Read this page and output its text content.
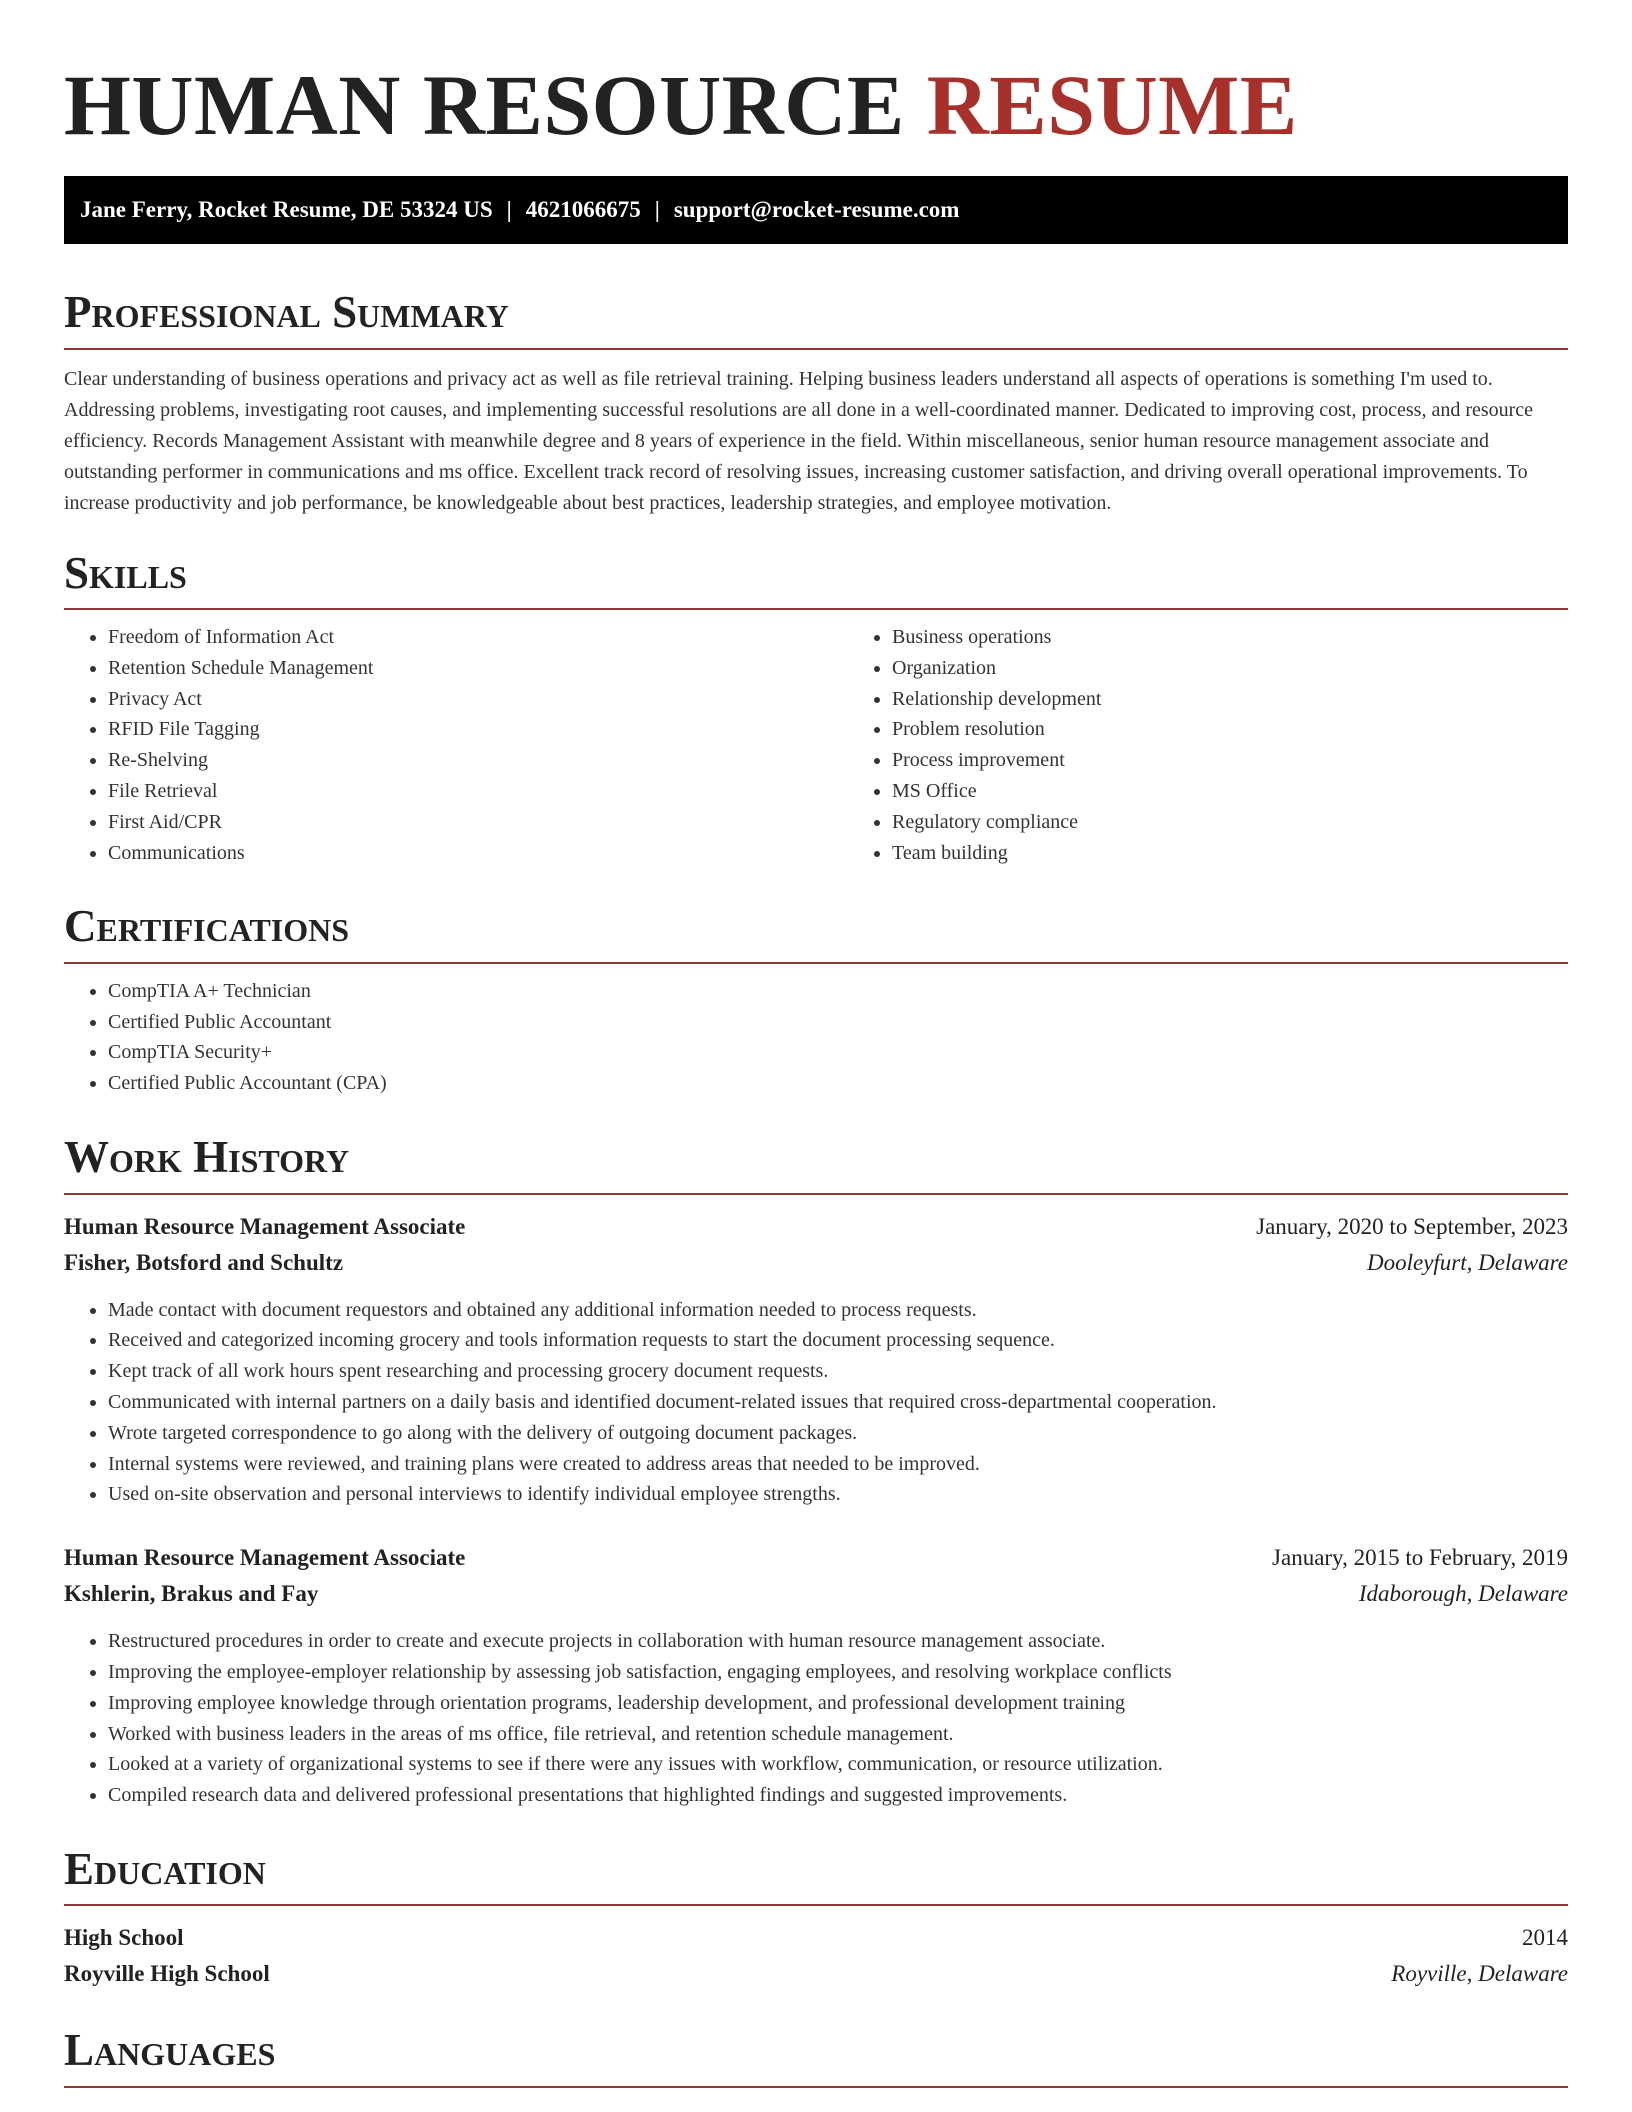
HUMAN RESOURCE RESUME
Jane Ferry, Rocket Resume, DE 53324 US | 4621066675 | support@rocket-resume.com
Professional Summary

Clear understanding of business operations and privacy act as well as file retrieval training. Helping business leaders understand all aspects of operations is something I'm used to. Addressing problems, investigating root causes, and implementing successful resolutions are all done in a well-coordinated manner. Dedicated to improving cost, process, and resource efficiency. Records Management Assistant with meanwhile degree and 8 years of experience in the field. Within miscellaneous, senior human resource management associate and outstanding performer in communications and ms office. Excellent track record of resolving issues, increasing customer satisfaction, and driving overall operational improvements. To increase productivity and job performance, be knowledgeable about best practices, leadership strategies, and employee motivation.

Skills
• Freedom of Information Act
• Retention Schedule Management
• Privacy Act
• RFID File Tagging
• Re-Shelving
• File Retrieval
• First Aid/CPR
• Communications
• Business operations
• Organization
• Relationship development
• Problem resolution
• Process improvement
• MS Office
• Regulatory compliance
• Team building
Certifications
• CompTIA A+ Technician
• Certified Public Accountant
• CompTIA Security+
• Certified Public Accountant (CPA)
Work History
Human Resource Management Associate	January, 2020 to September, 2023
Fisher, Botsford and Schultz	Dooleyfurt, Delaware
• Made contact with document requestors and obtained any additional information needed to process requests.
• Received and categorized incoming grocery and tools information requests to start the document processing sequence.
• Kept track of all work hours spent researching and processing grocery document requests.
• Communicated with internal partners on a daily basis and identified document-related issues that required cross-departmental cooperation.
• Wrote targeted correspondence to go along with the delivery of outgoing document packages.
• Internal systems were reviewed, and training plans were created to address areas that needed to be improved.
• Used on-site observation and personal interviews to identify individual employee strengths.
Human Resource Management Associate	January, 2015 to February, 2019
Kshlerin, Brakus and Fay	Idaborough, Delaware
• Restructured procedures in order to create and execute projects in collaboration with human resource management associate.
• Improving the employee-employer relationship by assessing job satisfaction, engaging employees, and resolving workplace conflicts
• Improving employee knowledge through orientation programs, leadership development, and professional development training
• Worked with business leaders in the areas of ms office, file retrieval, and retention schedule management.
• Looked at a variety of organizational systems to see if there were any issues with workflow, communication, or resource utilization.
• Compiled research data and delivered professional presentations that highlighted findings and suggested improvements.
Education
High School	2014
Royville High School	Royville, Delaware
Languages
